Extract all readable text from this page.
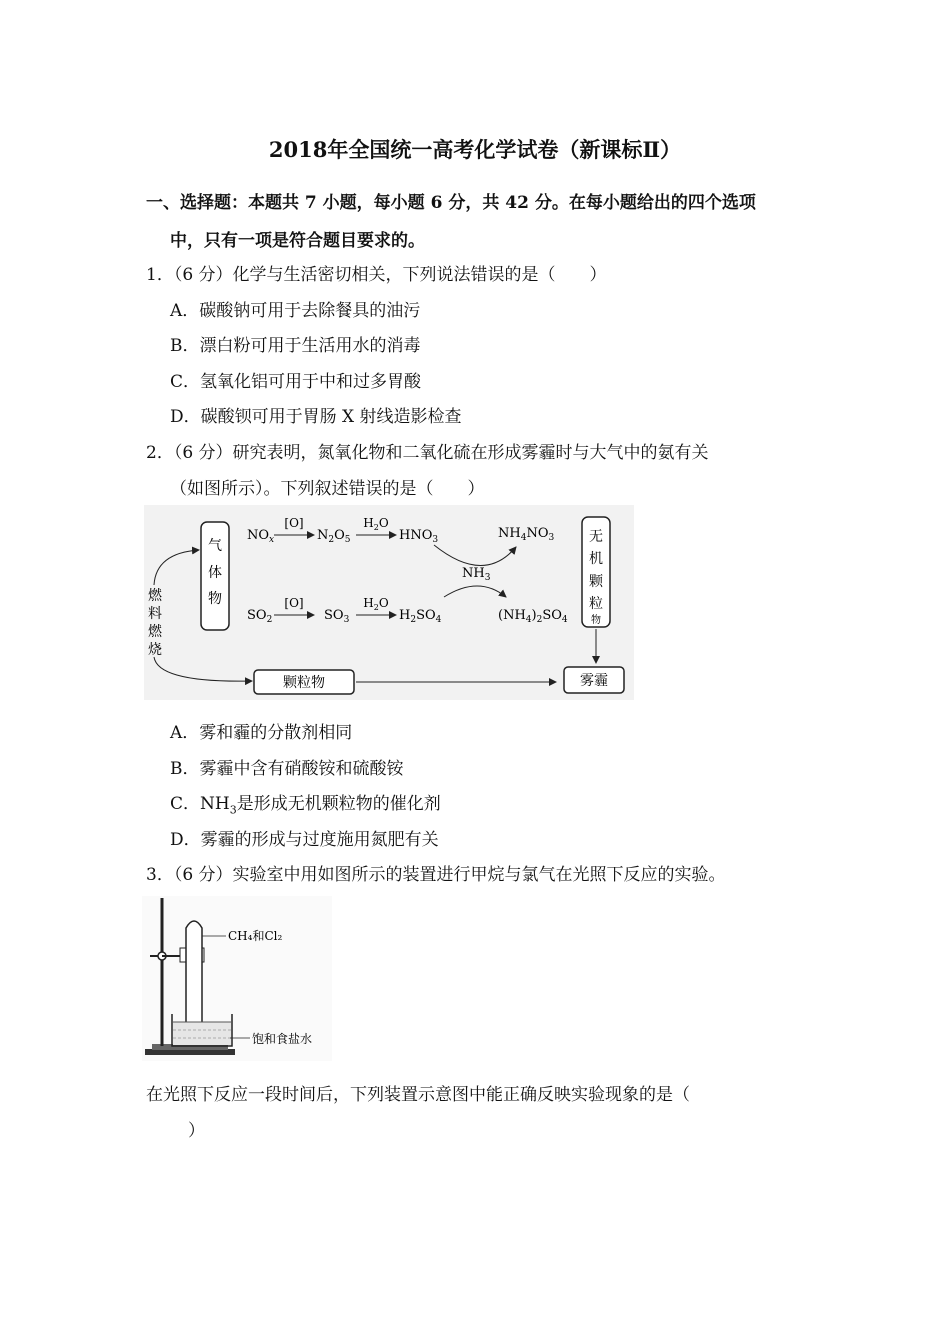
2018年全国统一高考化学试卷（新课标Ⅱ）
一、选择题：本题共 7 小题，每小题 6 分，共 42 分。在每小题给出的四个选项
中，只有一项是符合题目要求的。
1．（6 分）化学与生活密切相关，下列说法错误的是（　　）
A．碳酸钠可用于去除餐具的油污
B．漂白粉可用于生活用水的消毒
C．氢氧化铝可用于中和过多胃酸
D．碳酸钡可用于胃肠 X 射线造影检查
2．（6 分）研究表明，氮氧化物和二氧化硫在形成雾霾时与大气中的氨有关
（如图所示）。下列叙述错误的是（　　）
气
体
物
无
机
颗
粒
物
燃
料
燃
烧
$NO_x$
[O]
$N_2O_5$
$H_2O$
$HNO_3$	$NH_4NO_3$
$NH_3$
$SO_2$
[O]
$SO_3$
$H_2O$
$H_2SO_4$	$(NH_4)_2SO_4$
颗粒物	雾霾
A．雾和霾的分散剂相同
B．雾霾中含有硝酸铵和硫酸铵
C．$NH_3$是形成无机颗粒物的催化剂
D．雾霾的形成与过度施用氮肥有关
3．（6 分）实验室中用如图所示的装置进行甲烷与氯气在光照下反应的实验。
CH₄和Cl₂
饱和食盐水
在光照下反应一段时间后，下列装置示意图中能正确反映实验现象的是（
）
